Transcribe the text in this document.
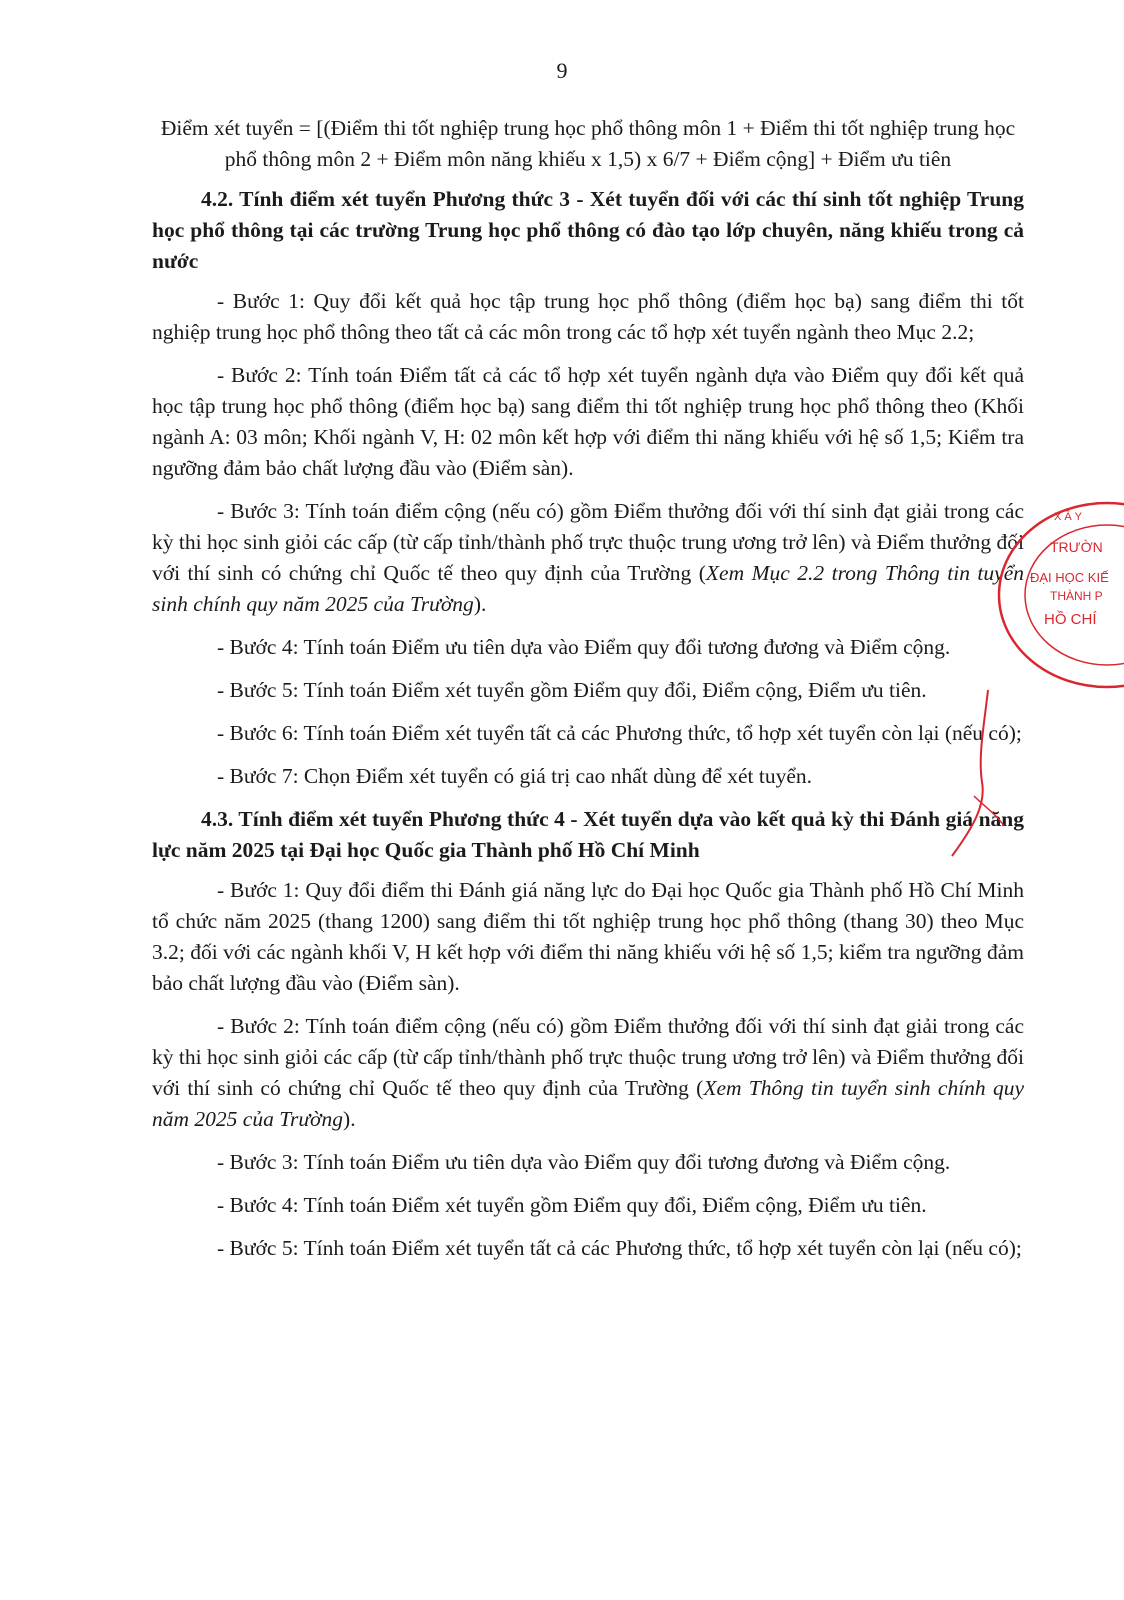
9

Điểm xét tuyển = [(Điểm thi tốt nghiệp trung học phổ thông môn 1 + Điểm thi tốt nghiệp trung học phổ thông môn 2 + Điểm môn năng khiếu x 1,5) x 6/7 + Điểm cộng] + Điểm ưu tiên

4.2. Tính điểm xét tuyển Phương thức 3 - Xét tuyển đối với các thí sinh tốt nghiệp Trung học phổ thông tại các trường Trung học phổ thông có đào tạo lớp chuyên, năng khiếu trong cả nước

- Bước 1: Quy đổi kết quả học tập trung học phổ thông (điểm học bạ) sang điểm thi tốt nghiệp trung học phổ thông theo tất cả các môn trong các tổ hợp xét tuyển ngành theo Mục 2.2;

- Bước 2: Tính toán Điểm tất cả các tổ hợp xét tuyển ngành dựa vào Điểm quy đổi kết quả học tập trung học phổ thông (điểm học bạ) sang điểm thi tốt nghiệp trung học phổ thông theo (Khối ngành A: 03 môn; Khối ngành V, H: 02 môn kết hợp với điểm thi năng khiếu với hệ số 1,5; Kiểm tra ngưỡng đảm bảo chất lượng đầu vào (Điểm sàn).

- Bước 3: Tính toán điểm cộng (nếu có) gồm Điểm thưởng đối với thí sinh đạt giải trong các kỳ thi học sinh giỏi các cấp (từ cấp tỉnh/thành phố trực thuộc trung ương trở lên) và Điểm thưởng đối với thí sinh có chứng chỉ Quốc tế theo quy định của Trường (Xem Mục 2.2 trong Thông tin tuyển sinh chính quy năm 2025 của Trường).

- Bước 4: Tính toán Điểm ưu tiên dựa vào Điểm quy đổi tương đương và Điểm cộng.

- Bước 5: Tính toán Điểm xét tuyển gồm Điểm quy đổi, Điểm cộng, Điểm ưu tiên.

- Bước 6: Tính toán Điểm xét tuyển tất cả các Phương thức, tổ hợp xét tuyển còn lại (nếu có);

- Bước 7: Chọn Điểm xét tuyển có giá trị cao nhất dùng để xét tuyển.

4.3. Tính điểm xét tuyển Phương thức 4 - Xét tuyển dựa vào kết quả kỳ thi Đánh giá năng lực năm 2025 tại Đại học Quốc gia Thành phố Hồ Chí Minh

- Bước 1: Quy đổi điểm thi Đánh giá năng lực do Đại học Quốc gia Thành phố Hồ Chí Minh tổ chức năm 2025 (thang 1200) sang điểm thi tốt nghiệp trung học phổ thông (thang 30) theo Mục 3.2; đối với các ngành khối V, H kết hợp với điểm thi năng khiếu với hệ số 1,5; kiểm tra ngưỡng đảm bảo chất lượng đầu vào (Điểm sàn).

- Bước 2: Tính toán điểm cộng (nếu có) gồm Điểm thưởng đối với thí sinh đạt giải trong các kỳ thi học sinh giỏi các cấp (từ cấp tỉnh/thành phố trực thuộc trung ương trở lên) và Điểm thưởng đối với thí sinh có chứng chỉ Quốc tế theo quy định của Trường (Xem Thông tin tuyển sinh chính quy năm 2025 của Trường).

- Bước 3: Tính toán Điểm ưu tiên dựa vào Điểm quy đổi tương đương và Điểm cộng.

- Bước 4: Tính toán Điểm xét tuyển gồm Điểm quy đổi, Điểm cộng, Điểm ưu tiên.

- Bước 5: Tính toán Điểm xét tuyển tất cả các Phương thức, tổ hợp xét tuyển còn lại (nếu có);

X Â Y
TRƯỜN
ĐẠI HỌC KIẾ
THÀNH P
HỒ CHÍ
